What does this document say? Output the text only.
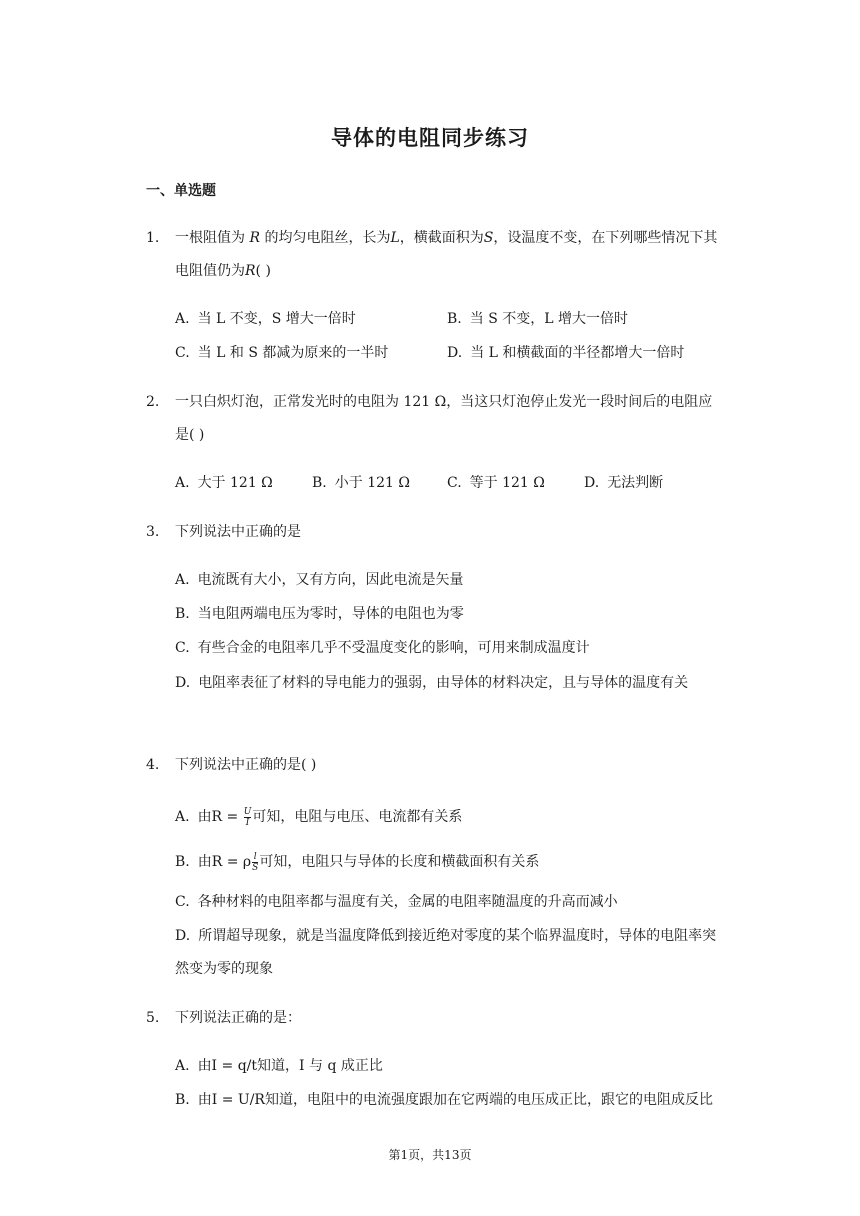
导体的电阻同步练习
一、单选题
1. 一根阻值为 R 的均匀电阻丝，长为L，横截面积为S，设温度不变，在下列哪些情况下其电阻值仍为R( )
A. 当 L 不变，S 增大一倍时	B. 当 S 不变，L 增大一倍时
C. 当 L 和 S 都减为原来的一半时	D. 当 L 和横截面的半径都增大一倍时
2. 一只白炽灯泡，正常发光时的电阻为 121 Ω，当这只灯泡停止发光一段时间后的电阻应是( )
A. 大于 121 Ω	B. 小于 121 Ω	C. 等于 121 Ω	D. 无法判断
3. 下列说法中正确的是
A. 电流既有大小，又有方向，因此电流是矢量
B. 当电阻两端电压为零时，导体的电阻也为零
C. 有些合金的电阻率几乎不受温度变化的影响，可用来制成温度计
D. 电阻率表征了材料的导电能力的强弱，由导体的材料决定，且与导体的温度有关
4. 下列说法中正确的是( )
A. 由$R = \frac{U}{I}$ 可知，电阻与电压、电流都有关系
B. 由R = ρ $\frac{l}{S}$ 可知，电阻只与导体的长度和横截面积有关系
C. 各种材料的电阻率都与温度有关，金属的电阻率随温度的升高而减小
D. 所谓超导现象，就是当温度降低到接近绝对零度的某个临界温度时，导体的电阻率突然变为零的现象
5. 下列说法正确的是：
A. 由I = q/t知道，I 与 q 成正比
B. 由I = U/R知道，电阻中的电流强度跟加在它两端的电压成正比，跟它的电阻成反比
第1页，共13页
